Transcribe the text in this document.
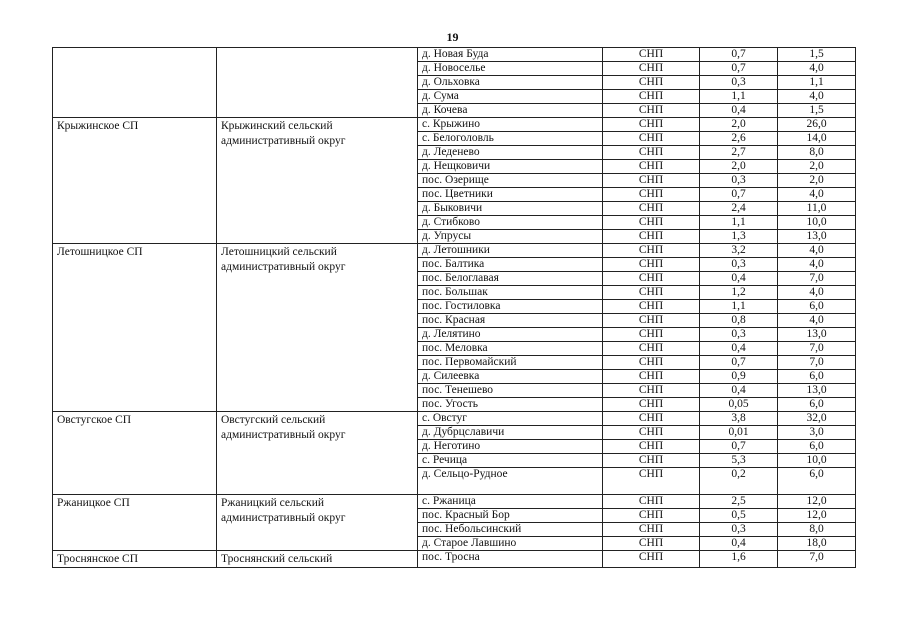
19
		д. Новая Буда	СНП	0,7	1,5
		д. Новоселье	СНП	0,7	4,0
		д. Ольховка	СНП	0,3	1,1
		д. Сума	СНП	1,1	4,0
		д. Кочева	СНП	0,4	1,5
Крыжинское СП	Крыжинский сельский административный округ	с. Крыжино	СНП	2,0	26,0
		с. Белоголовль	СНП	2,6	14,0
		д. Леденево	СНП	2,7	8,0
		д. Нещковичи	СНП	2,0	2,0
		пос. Озерище	СНП	0,3	2,0
		пос. Цветники	СНП	0,7	4,0
		д. Быковичи	СНП	2,4	11,0
		д. Стибково	СНП	1,1	10,0
		д. Упрусы	СНП	1,3	13,0
Летошницкое СП	Летошницкий сельский административный округ	д. Летошники	СНП	3,2	4,0
		пос. Балтика	СНП	0,3	4,0
		пос. Белоглавая	СНП	0,4	7,0
		пос. Большак	СНП	1,2	4,0
		пос. Гостиловка	СНП	1,1	6,0
		пос. Красная	СНП	0,8	4,0
		д. Лелятино	СНП	0,3	13,0
		пос. Меловка	СНП	0,4	7,0
		пос. Первомайский	СНП	0,7	7,0
		д. Силеевка	СНП	0,9	6,0
		пос. Тенешево	СНП	0,4	13,0
		пос. Угость	СНП	0,05	6,0
Овстугское СП	Овстугский сельский административный округ	с. Овстуг	СНП	3,8	32,0
		д. Дубрцславичи	СНП	0,01	3,0
		д. Неготино	СНП	0,7	6,0
		с. Речица	СНП	5,3	10,0
		д. Сельцо-Рудное	СНП	0,2	6,0
Ржаницкое СП	Ржаницкий сельский административный округ	с. Ржаница	СНП	2,5	12,0
		пос. Красный Бор	СНП	0,5	12,0
		пос. Небольсинский	СНП	0,3	8,0
		д. Старое Лавшино	СНП	0,4	18,0
Троснянское СП	Троснянский сельский	пос. Тросна	СНП	1,6	7,0
